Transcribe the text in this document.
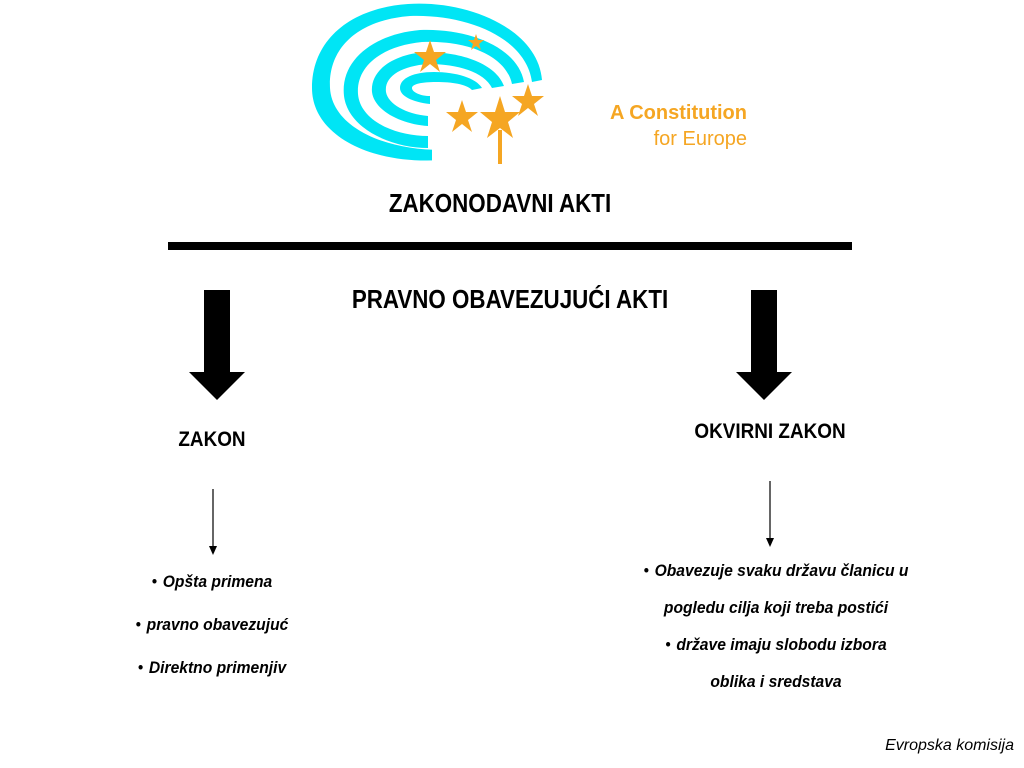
A Constitution
for Europe
ZAKONODAVNI AKTI
PRAVNO OBAVEZUJUĆI AKTI
ZAKON	OKVIRNI ZAKON
• Opšta primena
• pravno obavezujuć
• Direktno primenjiv
• Obavezuje svaku državu članicu u
pogledu cilja koji treba postići
• države imaju slobodu izbora
oblika i sredstava
Evropska komisija
